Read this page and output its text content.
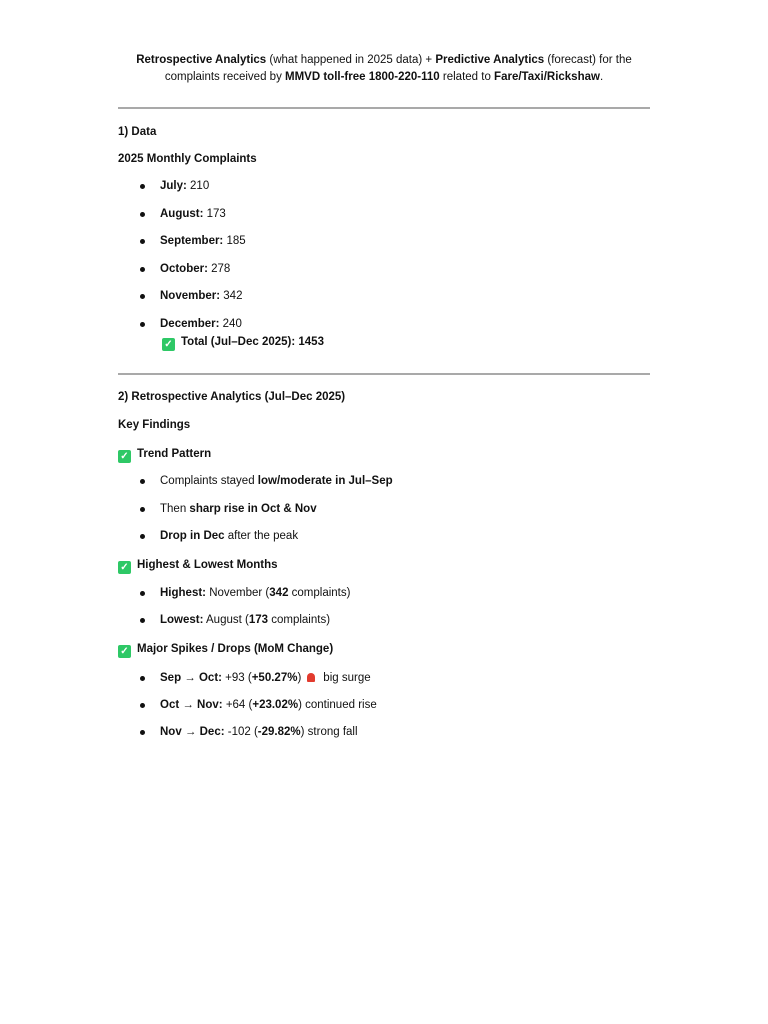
Retrospective Analytics (what happened in 2025 data) + Predictive Analytics (forecast) for the
complaints received by MMVD toll-free 1800-220-110 related to Fare/Taxi/Rickshaw.
1) Data
2025 Monthly Complaints
July: 210
August: 173
September: 185
October: 278
November: 342
December: 240
✓ Total (Jul–Dec 2025): 1453
2) Retrospective Analytics (Jul–Dec 2025)
Key Findings
✓ Trend Pattern
Complaints stayed low/moderate in Jul–Sep
Then sharp rise in Oct & Nov
Drop in Dec after the peak
✓ Highest & Lowest Months
Highest: November (342 complaints)
Lowest: August (173 complaints)
✓ Major Spikes / Drops (MoM Change)
Sep → Oct: +93 (+50.27%) big surge
Oct → Nov: +64 (+23.02%) continued rise
Nov → Dec: -102 (-29.82%) strong fall
